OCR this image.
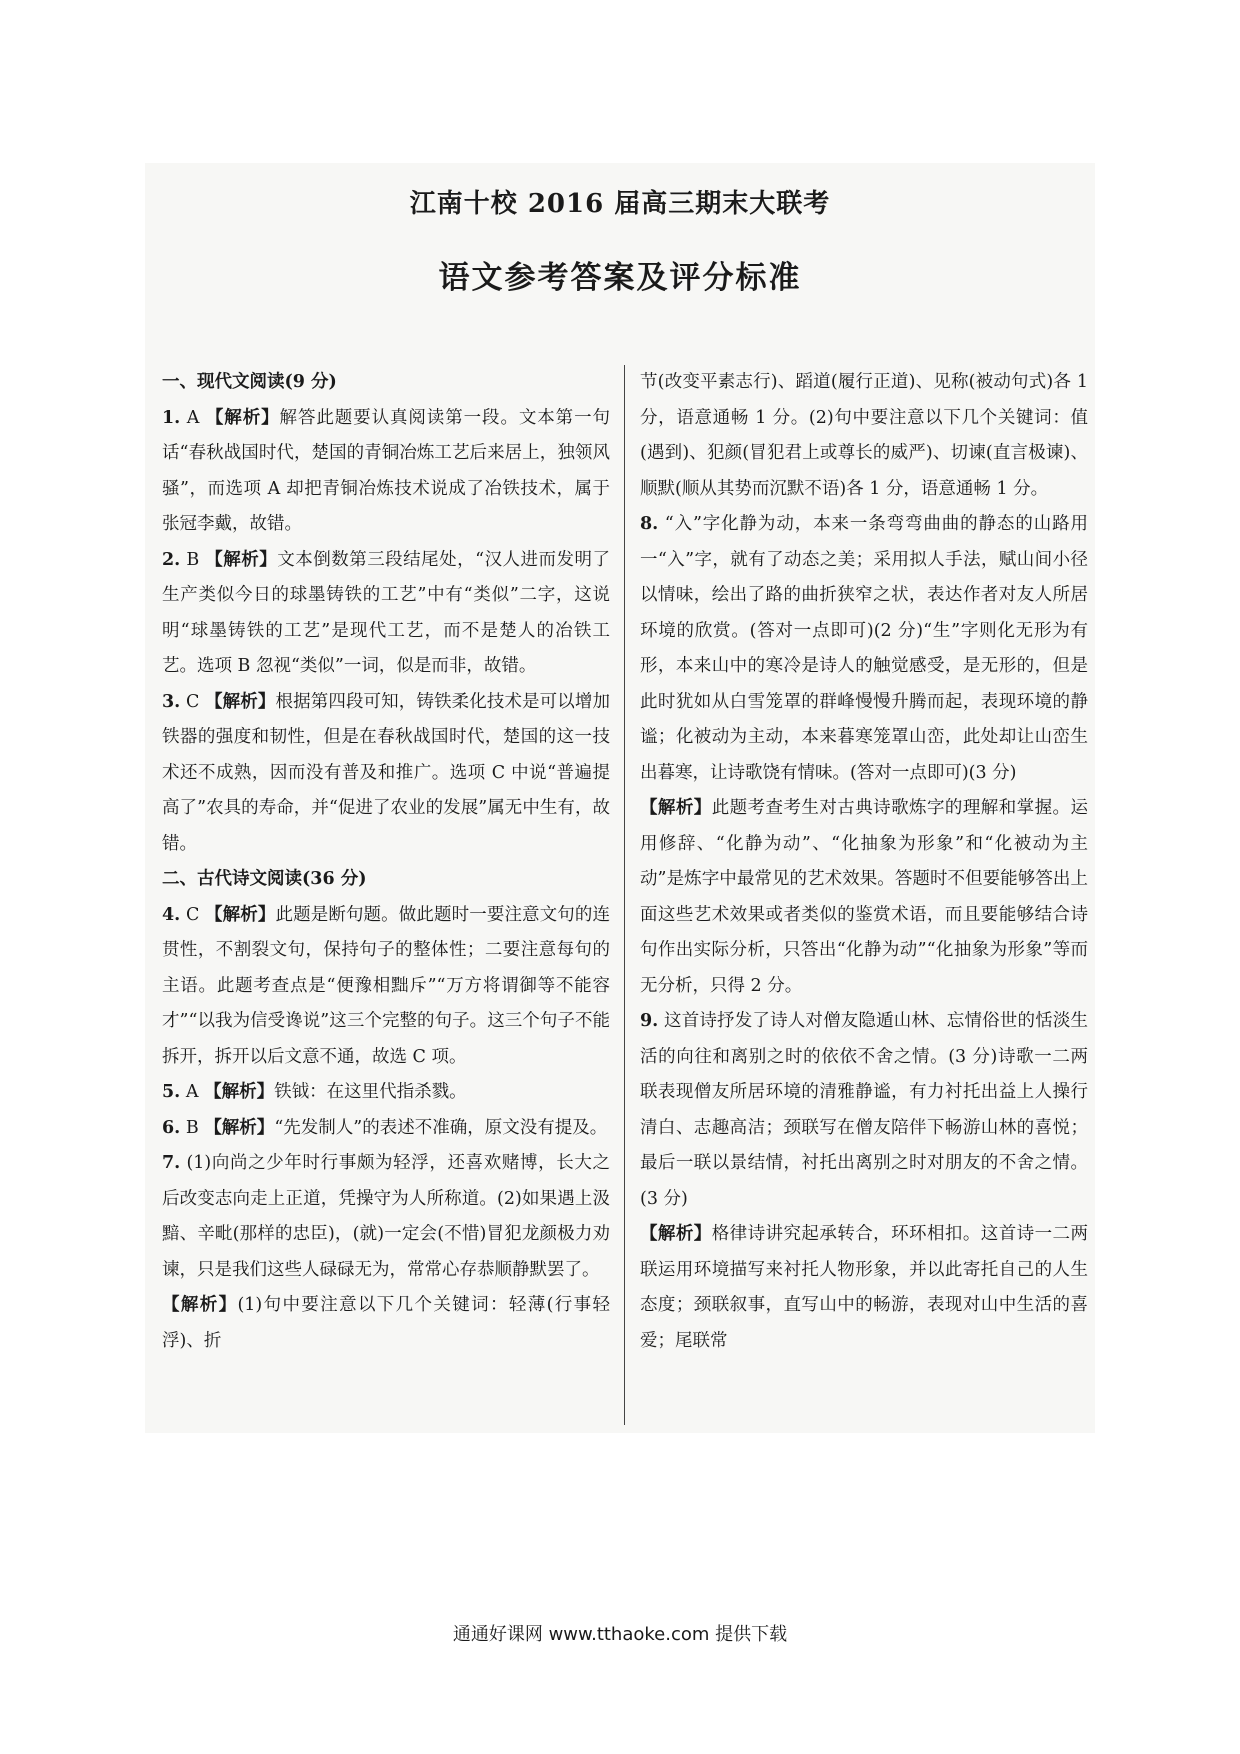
江南十校 2016 届高三期末大联考
语文参考答案及评分标准

一、现代文阅读(9 分)

1. A 【解析】解答此题要认真阅读第一段。文本第一句话“春秋战国时代，楚国的青铜冶炼工艺后来居上，独领风骚”，而选项 A 却把青铜冶炼技术说成了冶铁技术，属于张冠李戴，故错。

2. B 【解析】文本倒数第三段结尾处，“汉人进而发明了生产类似今日的球墨铸铁的工艺”中有“类似”二字，这说明“球墨铸铁的工艺”是现代工艺，而不是楚人的冶铁工艺。选项 B 忽视“类似”一词，似是而非，故错。

3. C 【解析】根据第四段可知，铸铁柔化技术是可以增加铁器的强度和韧性，但是在春秋战国时代，楚国的这一技术还不成熟，因而没有普及和推广。选项 C 中说“普遍提高了”农具的寿命，并“促进了农业的发展”属无中生有，故错。

二、古代诗文阅读(36 分)

4. C 【解析】此题是断句题。做此题时一要注意文句的连贯性，不割裂文句，保持句子的整体性；二要注意每句的主语。此题考查点是“便豫相黜斥”“万方将谓御等不能容才”“以我为信受谗说”这三个完整的句子。这三个句子不能拆开，拆开以后文意不通，故选 C 项。

5. A 【解析】铁钺：在这里代指杀戮。

6. B 【解析】“先发制人”的表述不准确，原文没有提及。

7. (1)向尚之少年时行事颇为轻浮，还喜欢赌博，长大之后改变志向走上正道，凭操守为人所称道。(2)如果遇上汲黯、辛毗(那样的忠臣)，(就)一定会(不惜)冒犯龙颜极力劝谏，只是我们这些人碌碌无为，常常心存恭顺静默罢了。

【解析】(1)句中要注意以下几个关键词：轻薄(行事轻浮)、折

节(改变平素志行)、蹈道(履行正道)、见称(被动句式)各 1 分，语意通畅 1 分。(2)句中要注意以下几个关键词：值(遇到)、犯颜(冒犯君上或尊长的威严)、切谏(直言极谏)、顺默(顺从其势而沉默不语)各 1 分，语意通畅 1 分。

8. “入”字化静为动，本来一条弯弯曲曲的静态的山路用一“入”字，就有了动态之美；采用拟人手法，赋山间小径以情味，绘出了路的曲折狭窄之状，表达作者对友人所居环境的欣赏。(答对一点即可)(2 分)“生”字则化无形为有形，本来山中的寒冷是诗人的触觉感受，是无形的，但是此时犹如从白雪笼罩的群峰慢慢升腾而起，表现环境的静谧；化被动为主动，本来暮寒笼罩山峦，此处却让山峦生出暮寒，让诗歌饶有情味。(答对一点即可)(3 分)

【解析】此题考查考生对古典诗歌炼字的理解和掌握。运用修辞、“化静为动”、“化抽象为形象”和“化被动为主动”是炼字中最常见的艺术效果。答题时不但要能够答出上面这些艺术效果或者类似的鉴赏术语，而且要能够结合诗句作出实际分析，只答出“化静为动”“化抽象为形象”等而无分析，只得 2 分。

9. 这首诗抒发了诗人对僧友隐遁山林、忘情俗世的恬淡生活的向往和离别之时的依依不舍之情。(3 分)诗歌一二两联表现僧友所居环境的清雅静谧，有力衬托出益上人操行清白、志趣高洁；颈联写在僧友陪伴下畅游山林的喜悦；最后一联以景结情，衬托出离别之时对朋友的不舍之情。(3 分)

【解析】格律诗讲究起承转合，环环相扣。这首诗一二两联运用环境描写来衬托人物形象，并以此寄托自己的人生态度；颈联叙事，直写山中的畅游，表现对山中生活的喜爱；尾联常

通通好课网 www.tthaoke.com 提供下载
